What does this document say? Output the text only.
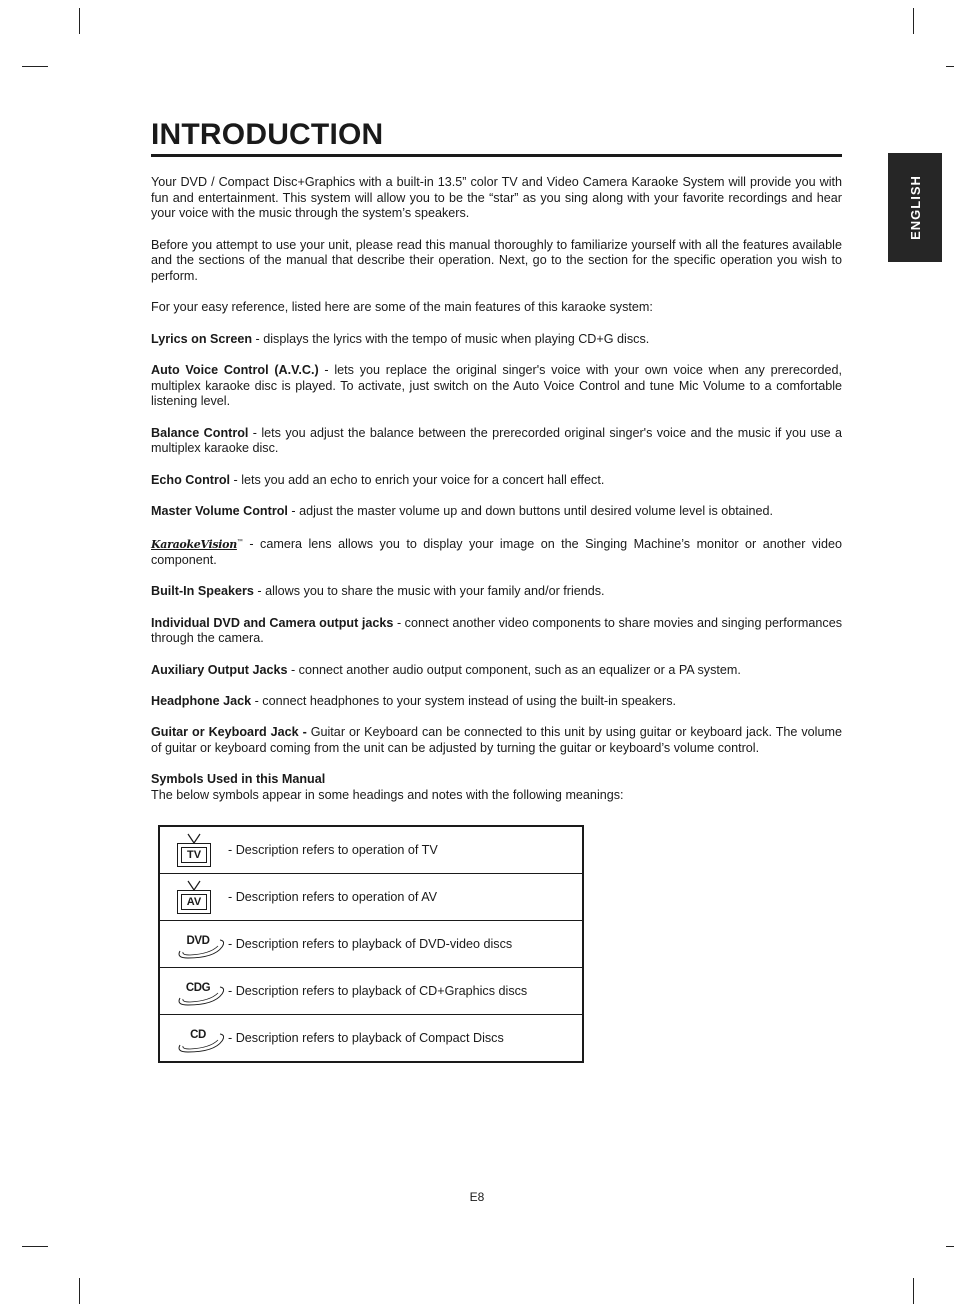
ENGLISH
INTRODUCTION

Your DVD / Compact Disc+Graphics with a built-in 13.5” color TV and Video Camera Karaoke System will provide you with fun and entertainment. This system will allow you to be the “star” as you sing along with your favorite recordings and hear your voice with the music through the system’s speakers.

Before you attempt to use your unit, please read this manual thoroughly to familiarize yourself with all the features available and the sections of the manual that describe their operation. Next, go to the section for the specific operation you wish to perform.

For your easy reference, listed here are some of the main features of this karaoke system:

Lyrics on Screen - displays the lyrics with the tempo of music when playing CD+G discs.

Auto Voice Control (A.V.C.) - lets you replace the original singer's voice with your own voice when any prerecorded, multiplex karaoke disc is played. To activate, just switch on the Auto Voice Control and tune Mic Volume to a comfortable listening level.

Balance Control - lets you adjust the balance between the prerecorded original singer's voice and the music if you use a multiplex karaoke disc.

Echo Control - lets you add an echo to enrich your voice for a concert hall effect.

Master Volume Control - adjust the master volume up and down buttons until desired volume level is obtained.

KaraokeVision™ - camera lens allows you to display your image on the Singing Machine’s monitor or another video component.

Built-In Speakers - allows you to share the music with your family and/or friends.

Individual DVD and Camera output jacks - connect another video components to share movies and singing performances through the camera.

Auxiliary Output Jacks - connect another audio output component, such as an equalizer or a PA system.

Headphone Jack - connect headphones to your system instead of using the built-in speakers.

Guitar or Keyboard Jack - Guitar or Keyboard can be connected to this unit by using guitar or keyboard jack. The volume of guitar or keyboard coming from the unit can be adjusted by turning the guitar or keyboard’s volume control.

Symbols Used in this Manual

The below symbols appear in some headings and notes with the following meanings:

TV - Description refers to operation of TV
AV - Description refers to operation of AV
DVD	- Description refers to playback of DVD-video discs
CDG	- Description refers to playback of CD+Graphics discs
CD	- Description refers to playback of Compact Discs
E8
